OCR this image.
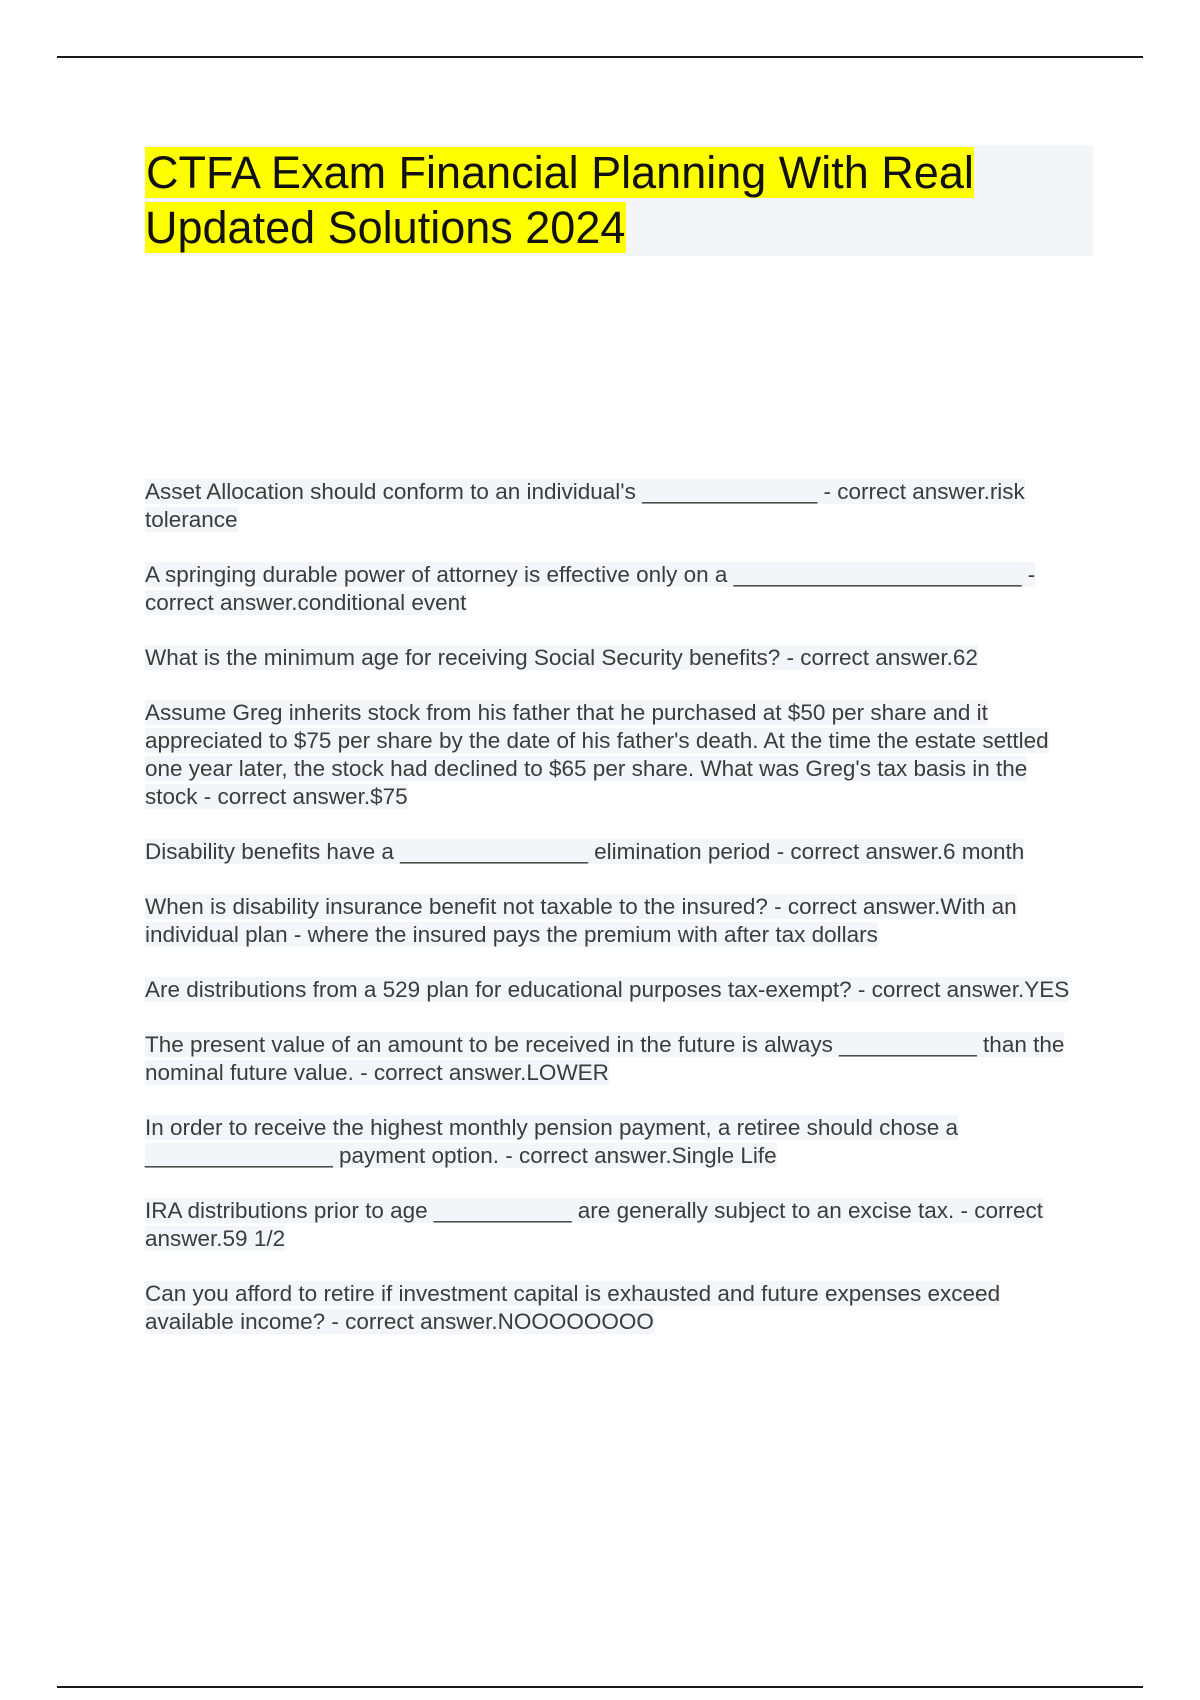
CTFA Exam Financial Planning With Real Updated Solutions 2024

Asset Allocation should conform to an individual's ______________ - correct answer.risk tolerance

A springing durable power of attorney is effective only on a _______________________ - correct answer.conditional event

What is the minimum age for receiving Social Security benefits? - correct answer.62

Assume Greg inherits stock from his father that he purchased at $50 per share and it appreciated to $75 per share by the date of his father's death. At the time the estate settled one year later, the stock had declined to $65 per share. What was Greg's tax basis in the stock - correct answer.$75

Disability benefits have a _______________ elimination period - correct answer.6 month

When is disability insurance benefit not taxable to the insured? - correct answer.With an individual plan - where the insured pays the premium with after tax dollars

Are distributions from a 529 plan for educational purposes tax-exempt? - correct answer.YES

The present value of an amount to be received in the future is always ___________ than the nominal future value. - correct answer.LOWER

In order to receive the highest monthly pension payment, a retiree should chose a _______________ payment option. - correct answer.Single Life

IRA distributions prior to age ___________ are generally subject to an excise tax. - correct answer.59 1/2

Can you afford to retire if investment capital is exhausted and future expenses exceed available income? - correct answer.NOOOOOOOO
